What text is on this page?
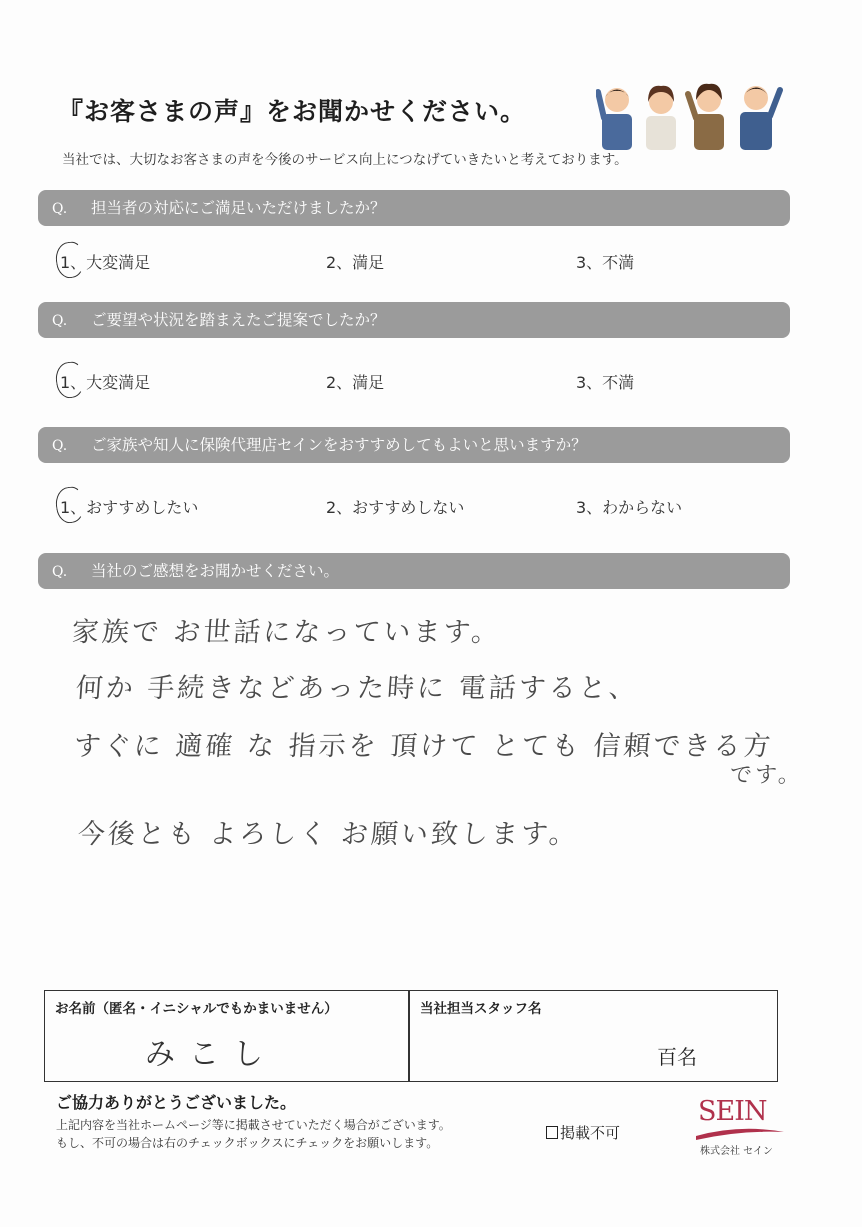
『お客さまの声』をお聞かせください。
当社では、大切なお客さまの声を今後のサービス向上につなげていきたいと考えております。
Q. 担当者の対応にご満足いただけましたか？
1、大変満足	2、満足	3、不満
Q. ご要望や状況を踏まえたご提案でしたか？
1、大変満足	2、満足	3、不満
Q. ご家族や知人に保険代理店セインをおすすめしてもよいと思いますか？
1、おすすめしたい	2、おすすめしない	3、わからない
Q. 当社のご感想をお聞かせください。
家族で お世話になっています。
何か 手続きなどあった時に 電話すると、
すぐに 適確 な 指示を 頂けて とても 信頼できる方
です。
今後とも よろしく お願い致します。
お名前（匿名・イニシャルでもかまいません）
みこし
当社担当スタッフ名
百名
ご協力ありがとうございました。
上記内容を当社ホームページ等に掲載させていただく場合がございます。
もし、不可の場合は右のチェックボックスにチェックをお願いします。
掲載不可
SEIN
株式会社 セイン
